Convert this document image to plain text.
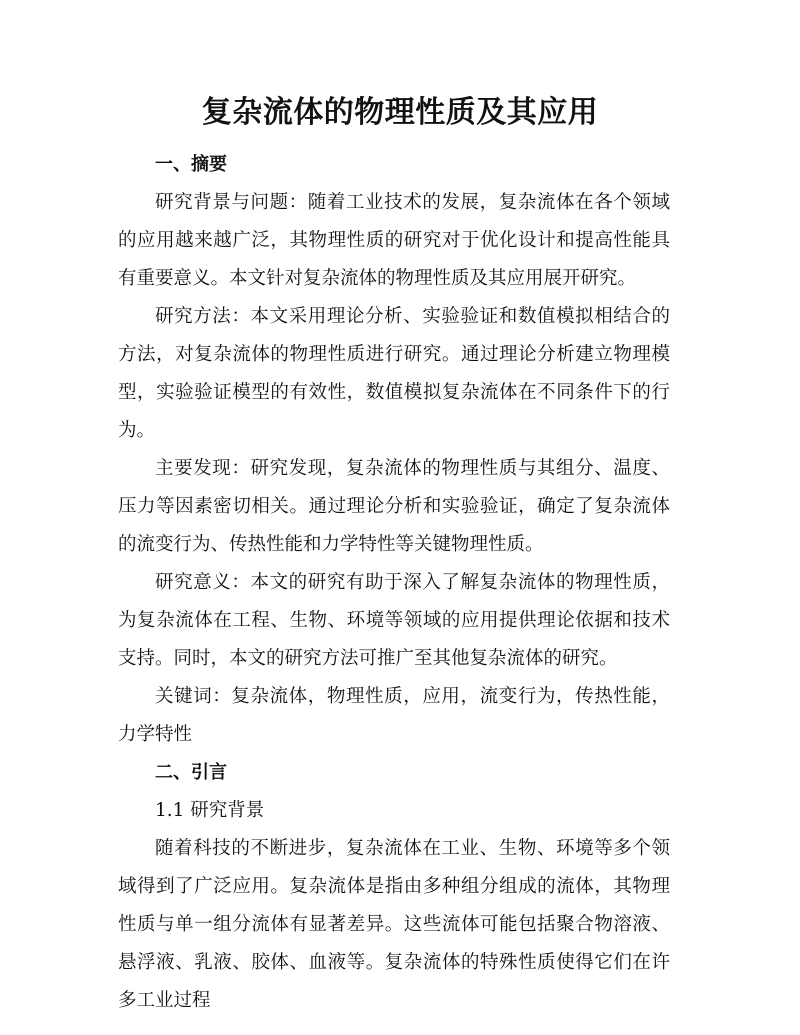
复杂流体的物理性质及其应用

一、摘要

研究背景与问题：随着工业技术的发展，复杂流体在各个领域的应用越来越广泛，其物理性质的研究对于优化设计和提高性能具有重要意义。本文针对复杂流体的物理性质及其应用展开研究。

研究方法：本文采用理论分析、实验验证和数值模拟相结合的方法，对复杂流体的物理性质进行研究。通过理论分析建立物理模型，实验验证模型的有效性，数值模拟复杂流体在不同条件下的行为。

主要发现：研究发现，复杂流体的物理性质与其组分、温度、压力等因素密切相关。通过理论分析和实验验证，确定了复杂流体的流变行为、传热性能和力学特性等关键物理性质。

研究意义：本文的研究有助于深入了解复杂流体的物理性质，为复杂流体在工程、生物、环境等领域的应用提供理论依据和技术支持。同时，本文的研究方法可推广至其他复杂流体的研究。

关键词：复杂流体，物理性质，应用，流变行为，传热性能，力学特性

二、引言

1.1 研究背景

随着科技的不断进步，复杂流体在工业、生物、环境等多个领域得到了广泛应用。复杂流体是指由多种组分组成的流体，其物理性质与单一组分流体有显著差异。这些流体可能包括聚合物溶液、悬浮液、乳液、胶体、血液等。复杂流体的特殊性质使得它们在许多工业过程
